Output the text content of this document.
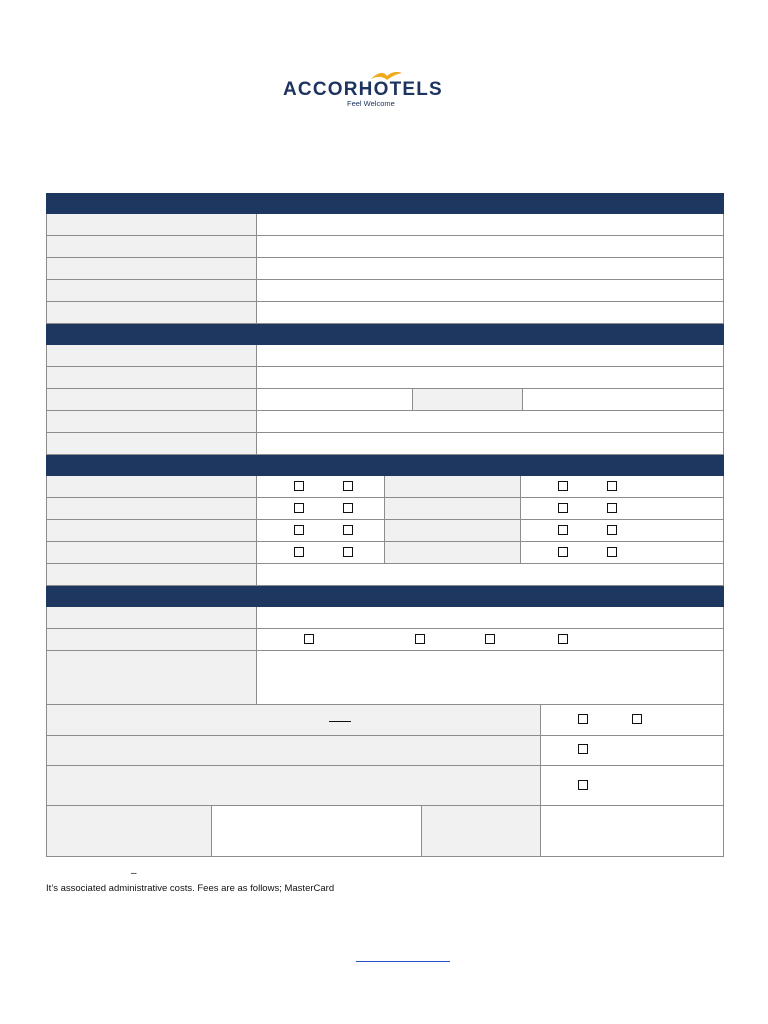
ACCORHOTELS
Feel Welcome
–
It’s associated administrative costs. Fees are as follows; MasterCard
